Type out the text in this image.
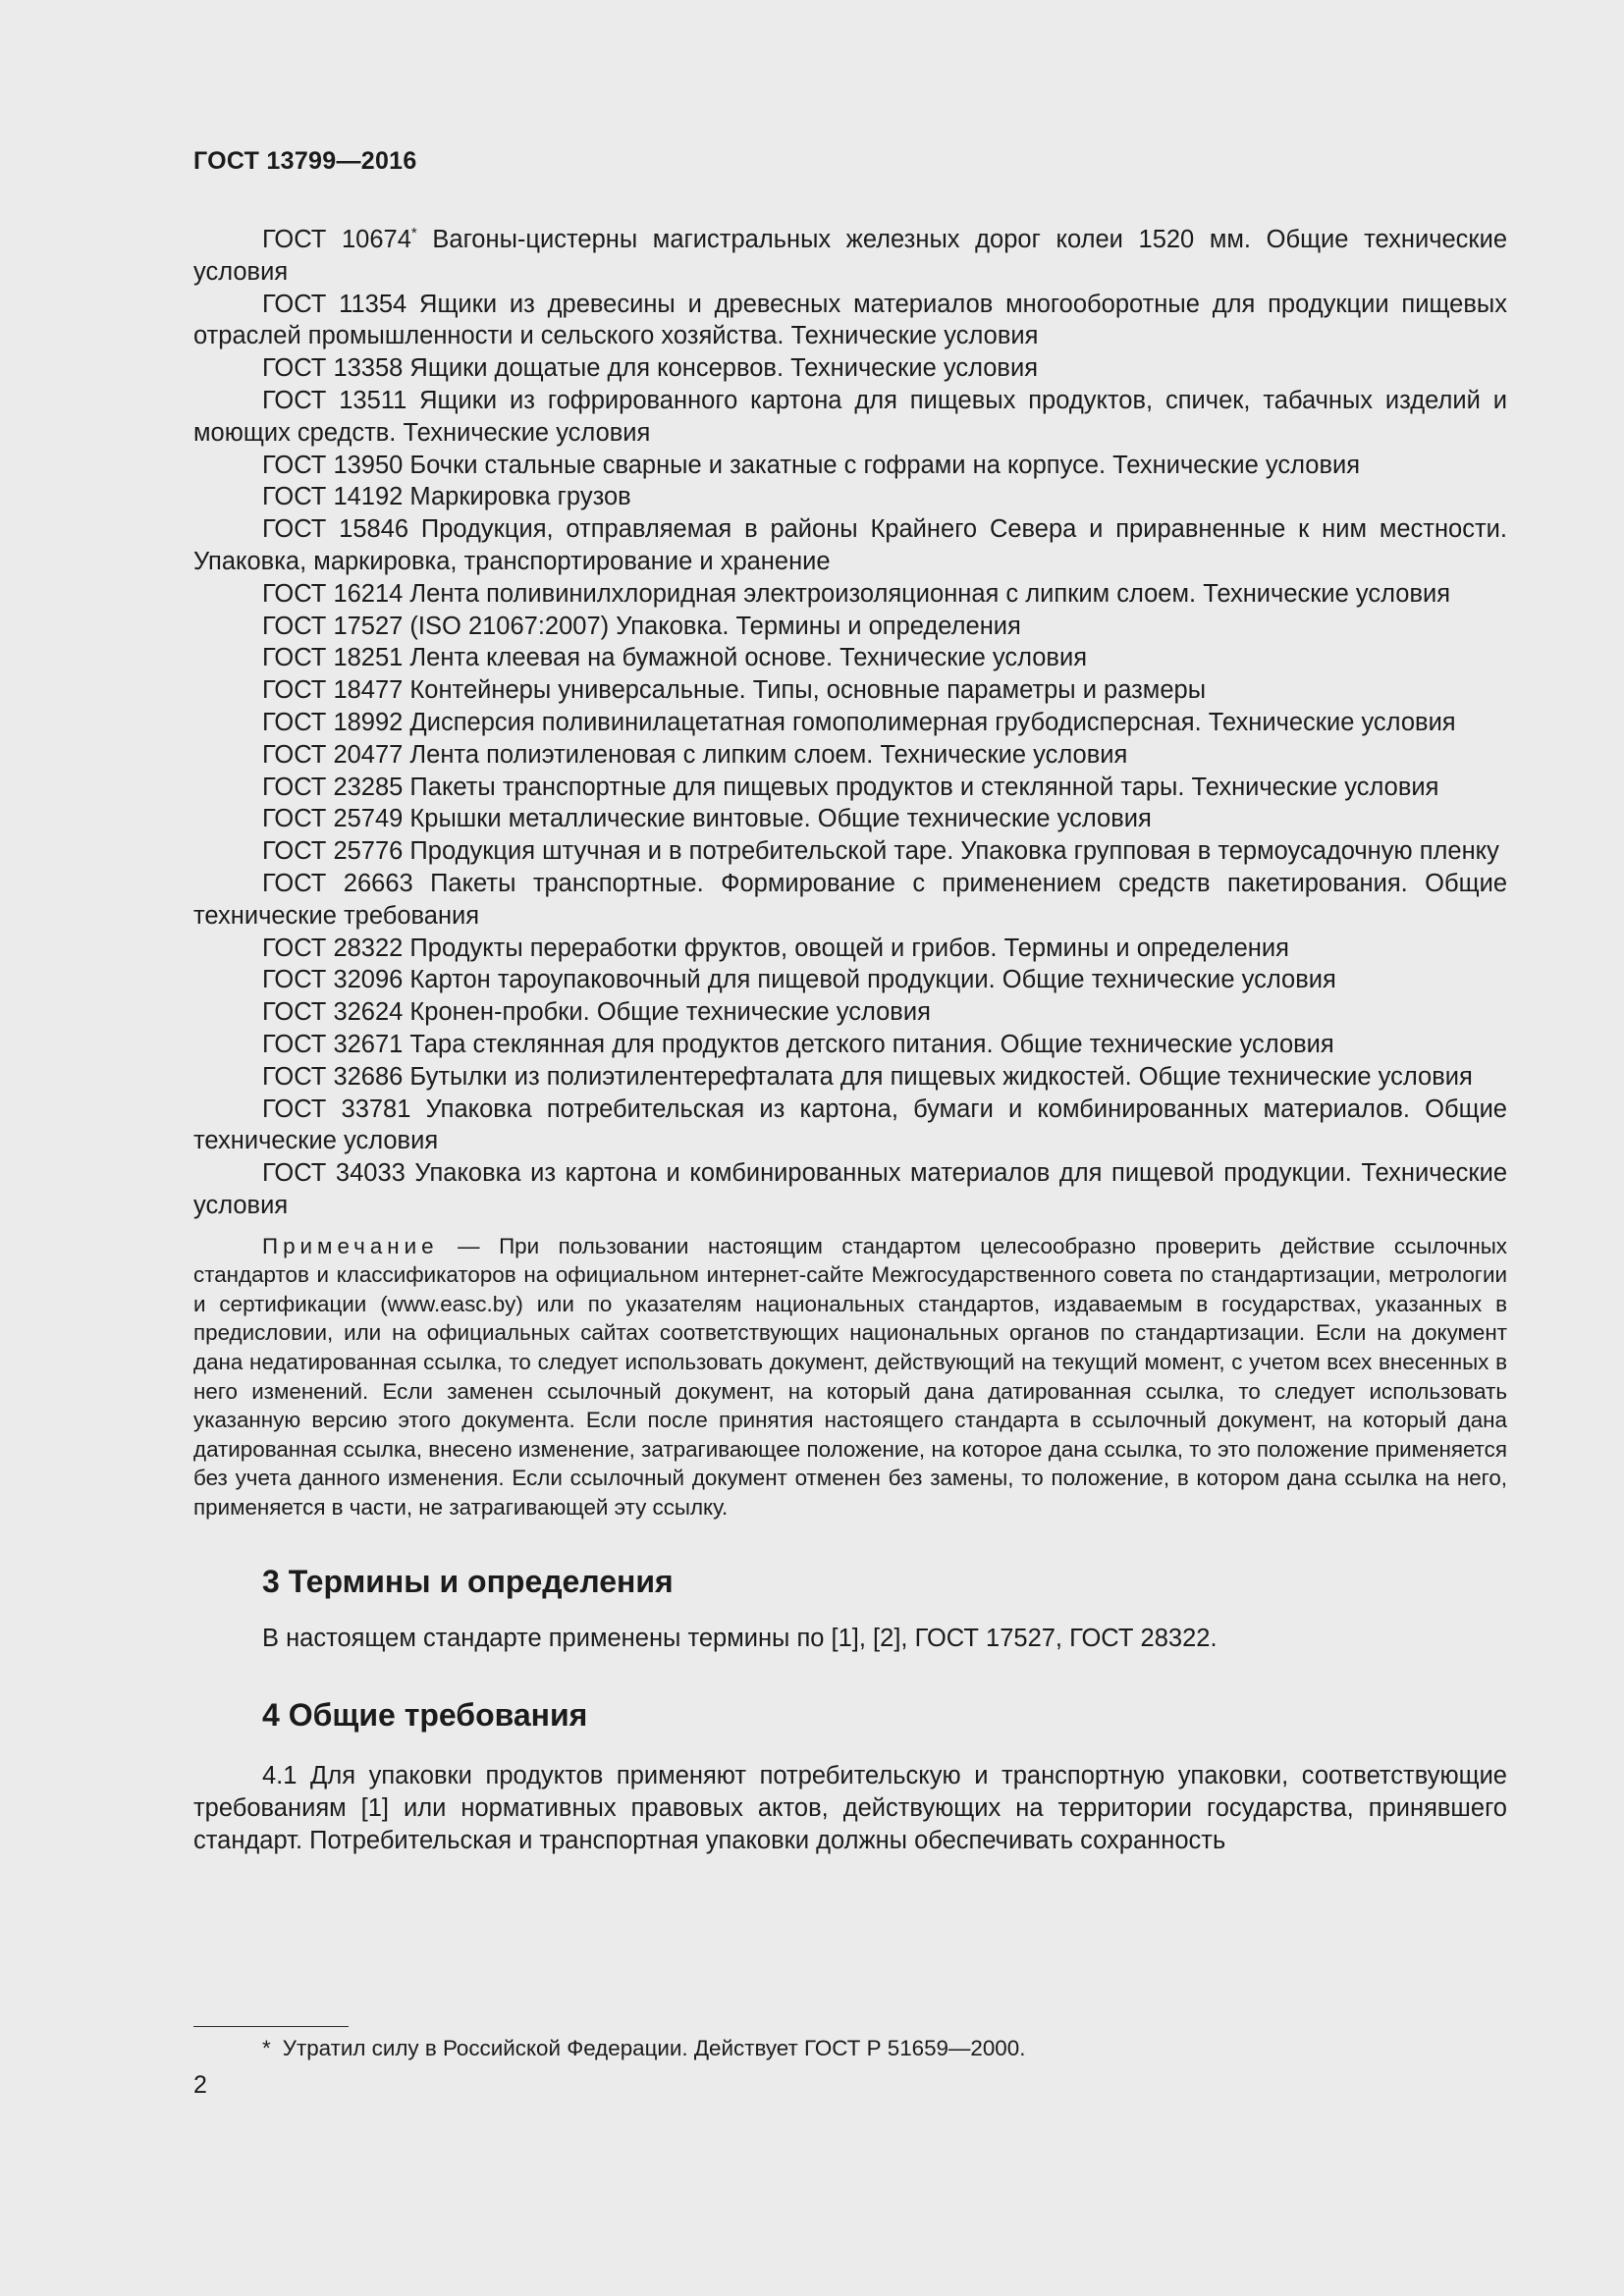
ГОСТ 13799—2016

ГОСТ 10674* Вагоны-цистерны магистральных железных дорог колеи 1520 мм. Общие технические условия

ГОСТ 11354 Ящики из древесины и древесных материалов многооборотные для продукции пищевых отраслей промышленности и сельского хозяйства. Технические условия

ГОСТ 13358 Ящики дощатые для консервов. Технические условия

ГОСТ 13511 Ящики из гофрированного картона для пищевых продуктов, спичек, табачных изделий и моющих средств. Технические условия

ГОСТ 13950 Бочки стальные сварные и закатные с гофрами на корпусе. Технические условия

ГОСТ 14192 Маркировка грузов

ГОСТ 15846 Продукция, отправляемая в районы Крайнего Севера и приравненные к ним местности. Упаковка, маркировка, транспортирование и хранение

ГОСТ 16214 Лента поливинилхлоридная электроизоляционная с липким слоем. Технические условия

ГОСТ 17527 (ISO 21067:2007) Упаковка. Термины и определения

ГОСТ 18251 Лента клеевая на бумажной основе. Технические условия

ГОСТ 18477 Контейнеры универсальные. Типы, основные параметры и размеры

ГОСТ 18992 Дисперсия поливинилацетатная гомополимерная грубодисперсная. Технические условия

ГОСТ 20477 Лента полиэтиленовая с липким слоем. Технические условия

ГОСТ 23285 Пакеты транспортные для пищевых продуктов и стеклянной тары. Технические условия

ГОСТ 25749 Крышки металлические винтовые. Общие технические условия

ГОСТ 25776 Продукция штучная и в потребительской таре. Упаковка групповая в термоусадочную пленку

ГОСТ 26663 Пакеты транспортные. Формирование с применением средств пакетирования. Общие технические требования

ГОСТ 28322 Продукты переработки фруктов, овощей и грибов. Термины и определения

ГОСТ 32096 Картон тароупаковочный для пищевой продукции. Общие технические условия

ГОСТ 32624 Кронен-пробки. Общие технические условия

ГОСТ 32671 Тара стеклянная для продуктов детского питания. Общие технические условия

ГОСТ 32686 Бутылки из полиэтилентерефталата для пищевых жидкостей. Общие технические условия

ГОСТ 33781 Упаковка потребительская из картона, бумаги и комбинированных материалов. Общие технические условия

ГОСТ 34033 Упаковка из картона и комбинированных материалов для пищевой продукции. Технические условия

Примечание — При пользовании настоящим стандартом целесообразно проверить действие ссылочных стандартов и классификаторов на официальном интернет-сайте Межгосударственного совета по стандартизации, метрологии и сертификации (www.easc.by) или по указателям национальных стандартов, издаваемым в государствах, указанных в предисловии, или на официальных сайтах соответствующих национальных органов по стандартизации. Если на документ дана недатированная ссылка, то следует использовать документ, действующий на текущий момент, с учетом всех внесенных в него изменений. Если заменен ссылочный документ, на который дана датированная ссылка, то следует использовать указанную версию этого документа. Если после принятия настоящего стандарта в ссылочный документ, на который дана датированная ссылка, внесено изменение, затрагивающее положение, на которое дана ссылка, то это положение применяется без учета данного изменения. Если ссылочный документ отменен без замены, то положение, в котором дана ссылка на него, применяется в части, не затрагивающей эту ссылку.

3 Термины и определения

В настоящем стандарте применены термины по [1], [2], ГОСТ 17527, ГОСТ 28322.

4 Общие требования

4.1 Для упаковки продуктов применяют потребительскую и транспортную упаковки, соответствующие требованиям [1] или нормативных правовых актов, действующих на территории государства, принявшего стандарт. Потребительская и транспортная упаковки должны обеспечивать сохранность

* Утратил силу в Российской Федерации. Действует ГОСТ Р 51659—2000.
2
